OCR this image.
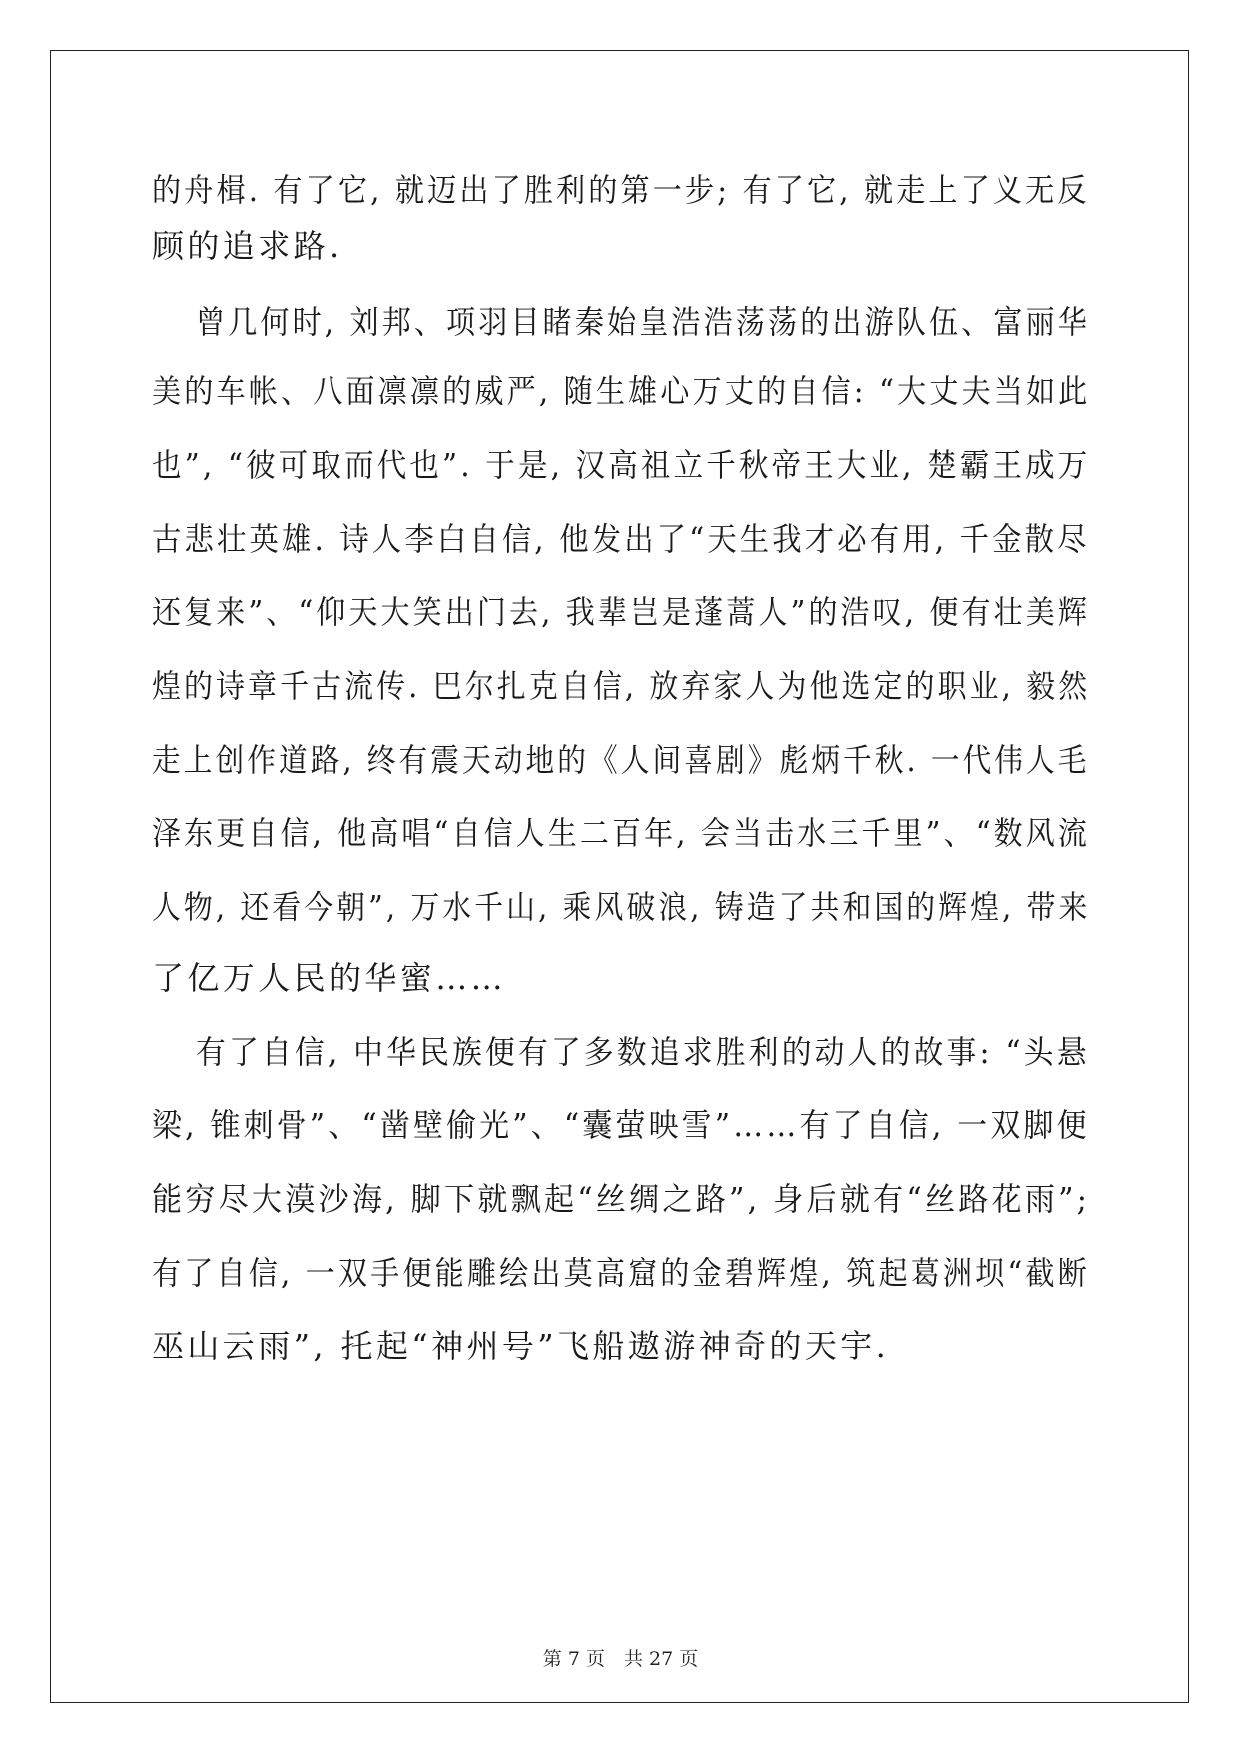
的舟楫. 有了它, 就迈出了胜利的第一步; 有了它, 就走上了义无反
顾的追求路.
曾几何时, 刘邦、项羽目睹秦始皇浩浩荡荡的出游队伍、富丽华
美的车帐、八面凛凛的威严, 随生雄心万丈的自信: “大丈夫当如此
也”, “彼可取而代也”. 于是, 汉高祖立千秋帝王大业, 楚霸王成万
古悲壮英雄. 诗人李白自信, 他发出了“天生我才必有用, 千金散尽
还复来”、“仰天大笑出门去, 我辈岂是蓬蒿人”的浩叹, 便有壮美辉
煌的诗章千古流传. 巴尔扎克自信, 放弃家人为他选定的职业, 毅然
走上创作道路, 终有震天动地的《人间喜剧》彪炳千秋. 一代伟人毛
泽东更自信, 他高唱“自信人生二百年, 会当击水三千里”、“数风流
人物, 还看今朝”, 万水千山, 乘风破浪, 铸造了共和国的辉煌, 带来
了亿万人民的华蜜……
有了自信, 中华民族便有了多数追求胜利的动人的故事: “头悬
梁, 锥刺骨”、“凿壁偷光”、“囊萤映雪”……有了自信, 一双脚便
能穷尽大漠沙海, 脚下就飘起“丝绸之路”, 身后就有“丝路花雨”;
有了自信, 一双手便能雕绘出莫高窟的金碧辉煌, 筑起葛洲坝“截断
巫山云雨”, 托起“神州号”飞船遨游神奇的天宇.
第 7 页　共 27 页
